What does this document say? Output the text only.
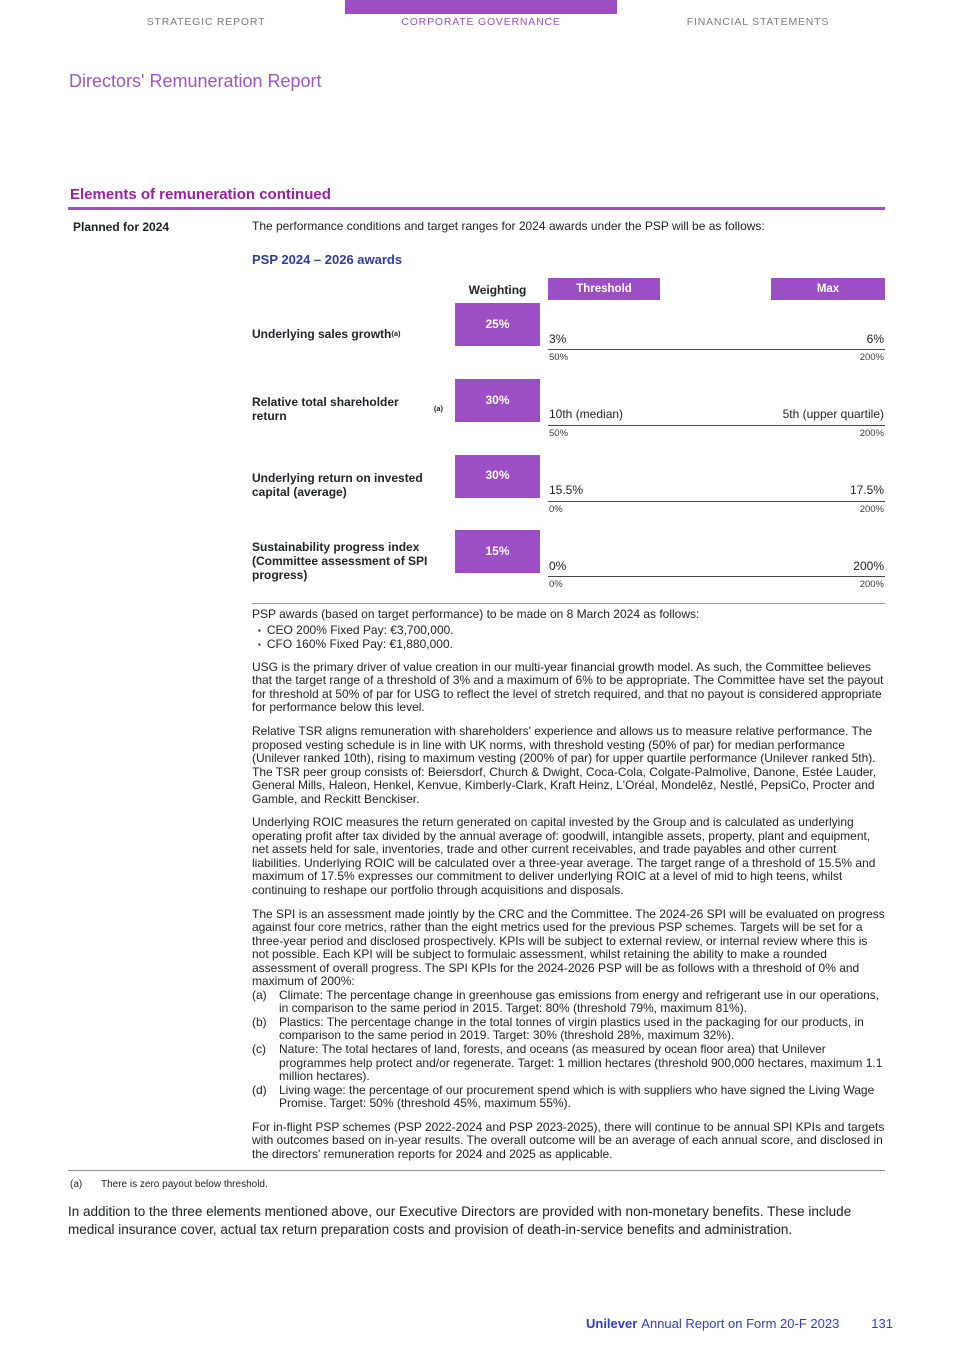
STRATEGIC REPORT	CORPORATE GOVERNANCE	FINANCIAL STATEMENTS
Directors' Remuneration Report
Elements of remuneration continued
Planned for 2024	The performance conditions and target ranges for 2024 awards under the PSP will be as follows:

PSP 2024 – 2026 awards
Weighting	Threshold	Max
Underlying sales growth (a)
25%
3%	6%
50%	200%
Relative total shareholder return
(a)
30%
10th (median)	5th (upper quartile)
50%	200%
Underlying return on invested capital (average)
30%
15.5%	17.5%
0%	200%
Sustainability progress index (Committee assessment of SPI progress)
15%
0%	200%
0%	200%

PSP awards (based on target performance) to be made on 8 March 2024 as follows:

▪ CEO 200% Fixed Pay: €3,700,000.
▪ CFO 160% Fixed Pay: €1,880,000.

USG is the primary driver of value creation in our multi-year financial growth model. As such, the Committee believes that the target range of a threshold of 3% and a maximum of 6% to be appropriate. The Committee have set the payout for threshold at 50% of par for USG to reflect the level of stretch required, and that no payout is considered appropriate for performance below this level.

Relative TSR aligns remuneration with shareholders' experience and allows us to measure relative performance. The proposed vesting schedule is in line with UK norms, with threshold vesting (50% of par) for median performance (Unilever ranked 10th), rising to maximum vesting (200% of par) for upper quartile performance (Unilever ranked 5th). The TSR peer group consists of: Beiersdorf, Church & Dwight, Coca-Cola, Colgate-Palmolive, Danone, Estée Lauder, General Mills, Haleon, Henkel, Kenvue, Kimberly-Clark, Kraft Heinz, L'Oréal, Mondelēz, Nestlé, PepsiCo, Procter and Gamble, and Reckitt Benckiser.

Underlying ROIC measures the return generated on capital invested by the Group and is calculated as underlying operating profit after tax divided by the annual average of: goodwill, intangible assets, property, plant and equipment, net assets held for sale, inventories, trade and other current receivables, and trade payables and other current liabilities. Underlying ROIC will be calculated over a three-year average. The target range of a threshold of 15.5% and maximum of 17.5% expresses our commitment to deliver underlying ROIC at a level of mid to high teens, whilst continuing to reshape our portfolio through acquisitions and disposals.

The SPI is an assessment made jointly by the CRC and the Committee. The 2024-26 SPI will be evaluated on progress against four core metrics, rather than the eight metrics used for the previous PSP schemes. Targets will be set for a three-year period and disclosed prospectively. KPIs will be subject to external review, or internal review where this is not possible. Each KPI will be subject to formulaic assessment, whilst retaining the ability to make a rounded assessment of overall progress. The SPI KPIs for the 2024-2026 PSP will be as follows with a threshold of 0% and maximum of 200%:

(a)	Climate: The percentage change in greenhouse gas emissions from energy and refrigerant use in our operations, in comparison to the same period in 2015. Target: 80% (threshold 79%, maximum 81%).
(b)	Plastics: The percentage change in the total tonnes of virgin plastics used in the packaging for our products, in comparison to the same period in 2019. Target: 30% (threshold 28%, maximum 32%).
(c)	Nature: The total hectares of land, forests, and oceans (as measured by ocean floor area) that Unilever programmes help protect and/or regenerate. Target: 1 million hectares (threshold 900,000 hectares, maximum 1.1 million hectares).
(d)	Living wage: the percentage of our procurement spend which is with suppliers who have signed the Living Wage Promise. Target: 50% (threshold 45%, maximum 55%).

For in-flight PSP schemes (PSP 2022-2024 and PSP 2023-2025), there will continue to be annual SPI KPIs and targets with outcomes based on in-year results. The overall outcome will be an average of each annual score, and disclosed in the directors' remuneration reports for 2024 and 2025 as applicable.

(a)	There is zero payout below threshold.

In addition to the three elements mentioned above, our Executive Directors are provided with non-monetary benefits. These include medical insurance cover, actual tax return preparation costs and provision of death-in-service benefits and administration.

Unilever Annual Report on Form 20-F 2023 131
